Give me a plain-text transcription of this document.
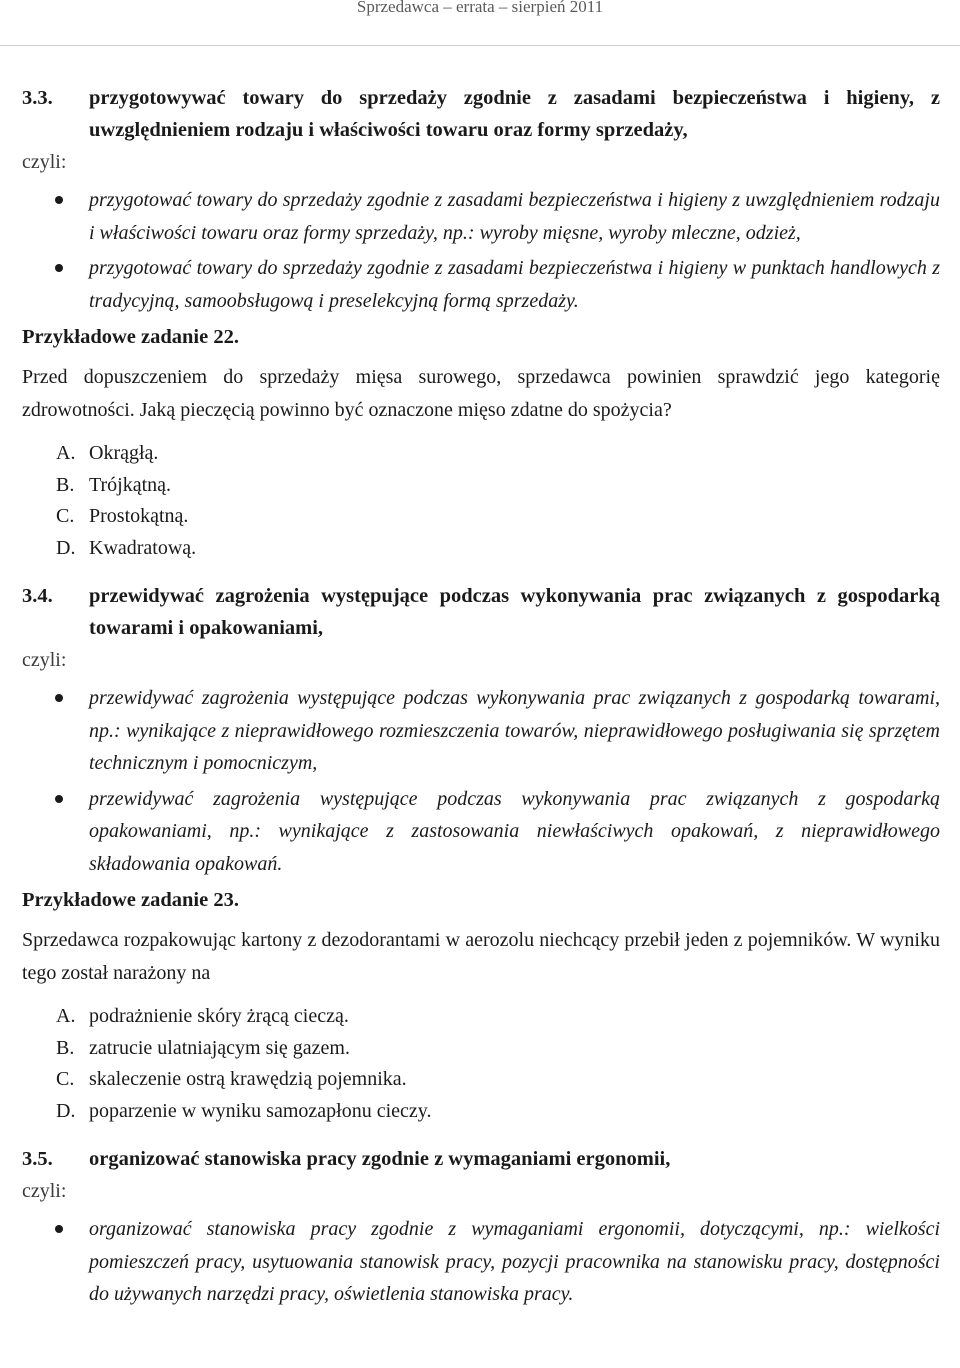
Sprzedawca – errata – sierpień 2011
3.3.	przygotowywać towary do sprzedaży zgodnie z zasadami bezpieczeństwa i higieny, z uwzględnieniem rodzaju i właściwości towaru oraz formy sprzedaży,
czyli:
przygotować towary do sprzedaży zgodnie z zasadami bezpieczeństwa i higieny z uwzględnieniem rodzaju i właściwości towaru oraz formy sprzedaży, np.: wyroby mięsne, wyroby mleczne, odzież,
przygotować towary do sprzedaży zgodnie z zasadami bezpieczeństwa i higieny w punktach handlowych z tradycyjną, samoobsługową i preselekcyjną formą sprzedaży.
Przykładowe zadanie 22.
Przed dopuszczeniem do sprzedaży mięsa surowego, sprzedawca powinien sprawdzić jego kategorię zdrowotności. Jaką pieczęcią powinno być oznaczone mięso zdatne do spożycia?
A. Okrągłą.
B. Trójkątną.
C. Prostokątną.
D. Kwadratową.
3.4.	przewidywać zagrożenia występujące podczas wykonywania prac związanych z gospodarką towarami i opakowaniami,
czyli:
przewidywać zagrożenia występujące podczas wykonywania prac związanych z gospodarką towarami, np.: wynikające z nieprawidłowego rozmieszczenia towarów, nieprawidłowego posługiwania się sprzętem technicznym i pomocniczym,
przewidywać zagrożenia występujące podczas wykonywania prac związanych z gospodarką opakowaniami, np.: wynikające z zastosowania niewłaściwych opakowań, z nieprawidłowego składowania opakowań.
Przykładowe zadanie 23.
Sprzedawca rozpakowując kartony z dezodorantami w aerozolu niechcący przebił jeden z pojemników. W wyniku tego został narażony na
A. podrażnienie skóry żrącą cieczą.
B. zatrucie ulatniającym się gazem.
C. skaleczenie ostrą krawędzią pojemnika.
D. poparzenie w wyniku samozapłonu cieczy.
3.5.	organizować stanowiska pracy zgodnie z wymaganiami ergonomii,
czyli:
organizować stanowiska pracy zgodnie z wymaganiami ergonomii, dotyczącymi, np.: wielkości pomieszczeń pracy, usytuowania stanowisk pracy, pozycji pracownika na stanowisku pracy, dostępności do używanych narzędzi pracy, oświetlenia stanowiska pracy.
